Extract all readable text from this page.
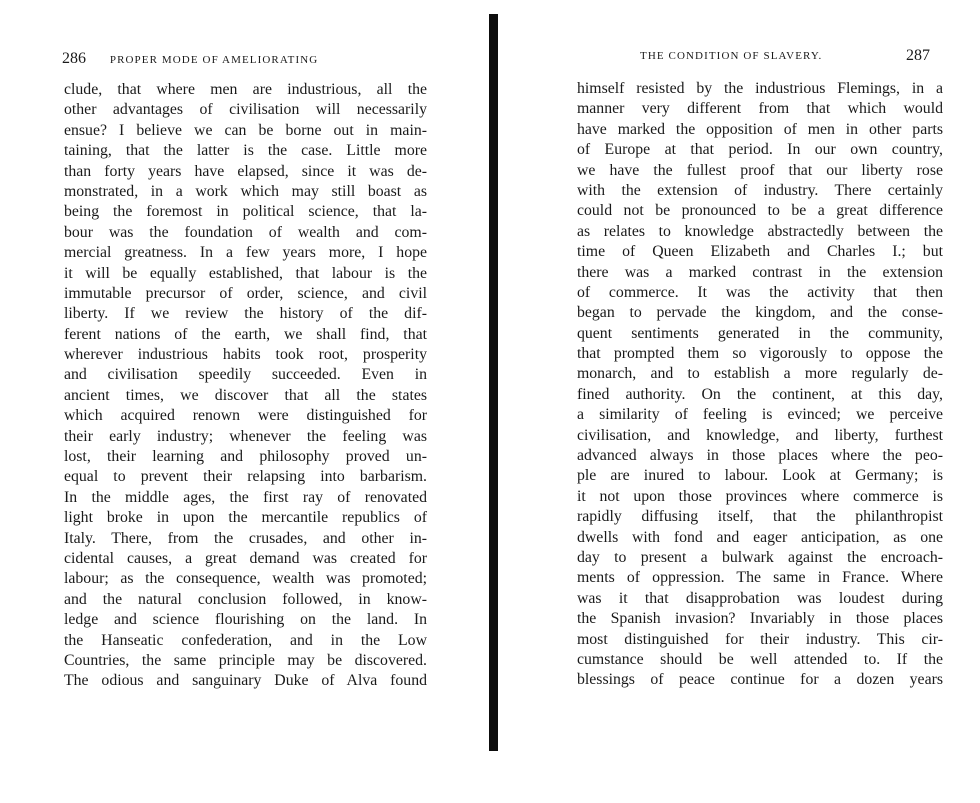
286 PROPER MODE OF AMELIORATING
clude, that where men are industrious, all the
other advantages of civilisation will necessarily
ensue? I believe we can be borne out in main-
taining, that the latter is the case. Little more
than forty years have elapsed, since it was de-
monstrated, in a work which may still boast as
being the foremost in political science, that la-
bour was the foundation of wealth and com-
mercial greatness. In a few years more, I hope
it will be equally established, that labour is the
immutable precursor of order, science, and civil
liberty. If we review the history of the dif-
ferent nations of the earth, we shall find, that
wherever industrious habits took root, prosperity
and civilisation speedily succeeded. Even in
ancient times, we discover that all the states
which acquired renown were distinguished for
their early industry; whenever the feeling was
lost, their learning and philosophy proved un-
equal to prevent their relapsing into barbarism.
In the middle ages, the first ray of renovated
light broke in upon the mercantile republics of
Italy. There, from the crusades, and other in-
cidental causes, a great demand was created for
labour; as the consequence, wealth was promoted;
and the natural conclusion followed, in know-
ledge and science flourishing on the land. In
the Hanseatic confederation, and in the Low
Countries, the same principle may be discovered.
The odious and sanguinary Duke of Alva found
THE CONDITION OF SLAVERY.	287
himself resisted by the industrious Flemings, in a
manner very different from that which would
have marked the opposition of men in other parts
of Europe at that period. In our own country,
we have the fullest proof that our liberty rose
with the extension of industry. There certainly
could not be pronounced to be a great difference
as relates to knowledge abstractedly between the
time of Queen Elizabeth and Charles I.; but
there was a marked contrast in the extension
of commerce. It was the activity that then
began to pervade the kingdom, and the conse-
quent sentiments generated in the community,
that prompted them so vigorously to oppose the
monarch, and to establish a more regularly de-
fined authority. On the continent, at this day,
a similarity of feeling is evinced; we perceive
civilisation, and knowledge, and liberty, furthest
advanced always in those places where the peo-
ple are inured to labour. Look at Germany; is
it not upon those provinces where commerce is
rapidly diffusing itself, that the philanthropist
dwells with fond and eager anticipation, as one
day to present a bulwark against the encroach-
ments of oppression. The same in France. Where
was it that disapprobation was loudest during
the Spanish invasion? Invariably in those places
most distinguished for their industry. This cir-
cumstance should be well attended to. If the
blessings of peace continue for a dozen years
